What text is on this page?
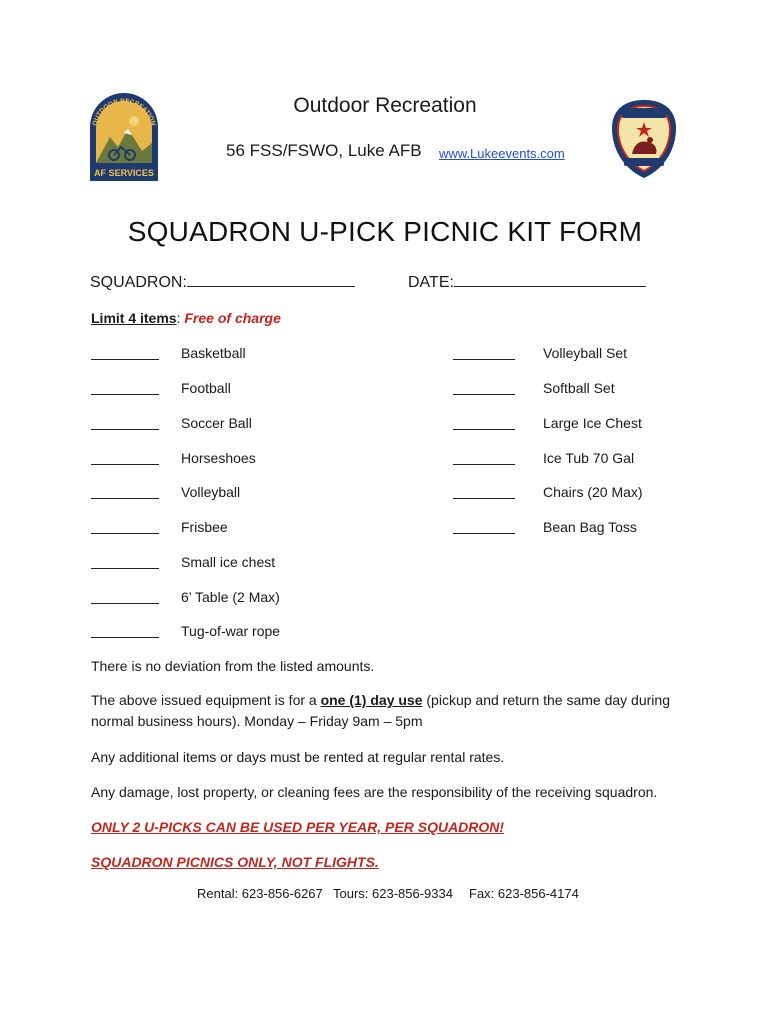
AF SERVICES
OUTDOOR RECREATION
Outdoor Recreation
56 FSS/FSWO, Luke AFB www.Lukeevents.com
SQUADRON U-PICK PICNIC KIT FORM
SQUADRON:	DATE:
Limit 4 items: Free of charge
Basketball
Football
Soccer Ball
Horseshoes
Volleyball
Frisbee
Small ice chest
6’ Table (2 Max)
Tug-of-war rope
Volleyball Set
Softball Set
Large Ice Chest
Ice Tub 70 Gal
Chairs (20 Max)
Bean Bag Toss
There is no deviation from the listed amounts.
The above issued equipment is for a one (1) day use (pickup and return the same day during
normal business hours). Monday – Friday 9am – 5pm
Any additional items or days must be rented at regular rental rates.
Any damage, lost property, or cleaning fees are the responsibility of the receiving squadron.
ONLY 2 U-PICKS CAN BE USED PER YEAR, PER SQUADRON!
SQUADRON PICNICS ONLY, NOT FLIGHTS.
Rental: 623-856-6267 Tours: 623-856-9334 Fax: 623-856-4174
